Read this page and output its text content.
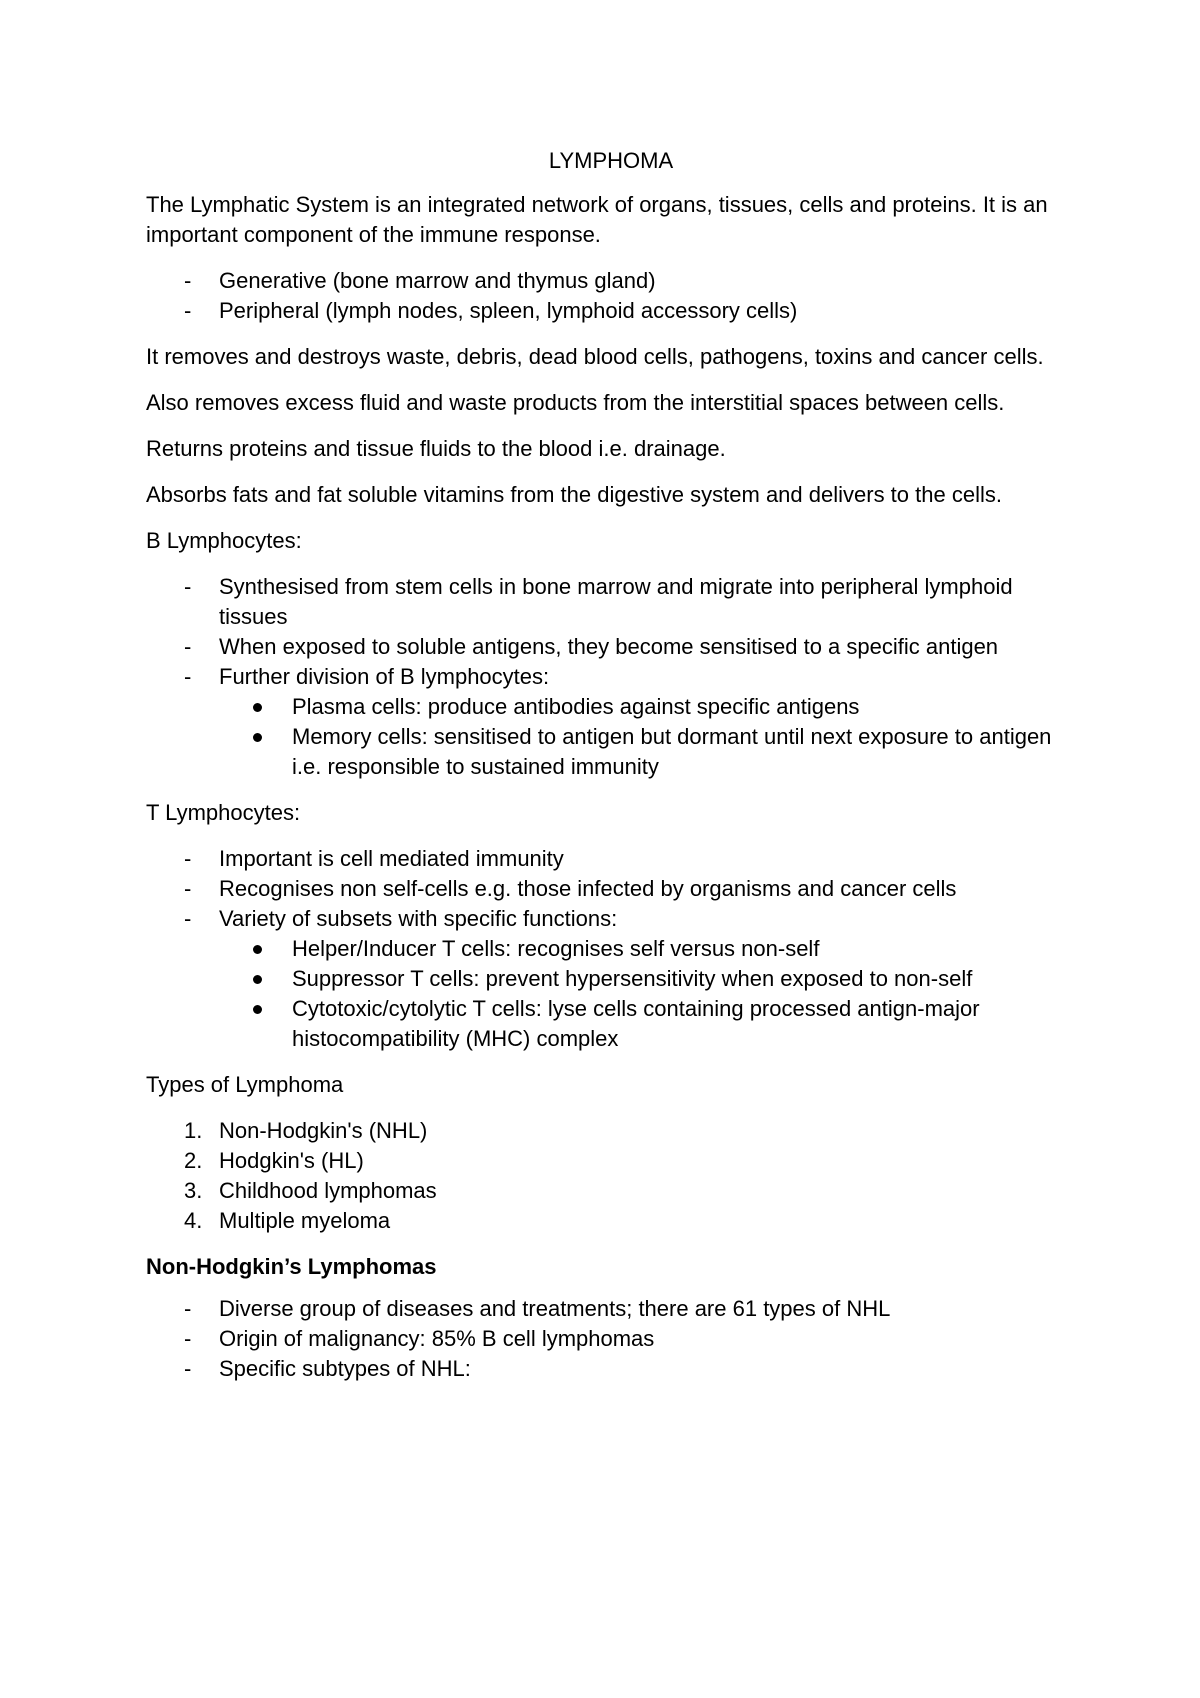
LYMPHOMA

The Lymphatic System is an integrated network of organs, tissues, cells and proteins. It is an important component of the immune response.

- Generative (bone marrow and thymus gland)
- Peripheral (lymph nodes, spleen, lymphoid accessory cells)

It removes and destroys waste, debris, dead blood cells, pathogens, toxins and cancer cells.

Also removes excess fluid and waste products from the interstitial spaces between cells.

Returns proteins and tissue fluids to the blood i.e. drainage.

Absorbs fats and fat soluble vitamins from the digestive system and delivers to the cells.

B Lymphocytes:

- Synthesised from stem cells in bone marrow and migrate into peripheral lymphoid tissues
- When exposed to soluble antigens, they become sensitised to a specific antigen
- Further division of B lymphocytes:
Plasma cells: produce antibodies against specific antigens
Memory cells: sensitised to antigen but dormant until next exposure to antigen i.e. responsible to sustained immunity

T Lymphocytes:

- Important is cell mediated immunity
- Recognises non self-cells e.g. those infected by organisms and cancer cells
- Variety of subsets with specific functions:
Helper/Inducer T cells: recognises self versus non-self
Suppressor T cells: prevent hypersensitivity when exposed to non-self
Cytotoxic/cytolytic T cells: lyse cells containing processed antign-major histocompatibility (MHC) complex

Types of Lymphoma

1. Non-Hodgkin's (NHL)
2. Hodgkin's (HL)
3. Childhood lymphomas
4. Multiple myeloma

Non-Hodgkin’s Lymphomas

- Diverse group of diseases and treatments; there are 61 types of NHL
- Origin of malignancy: 85% B cell lymphomas
- Specific subtypes of NHL:
